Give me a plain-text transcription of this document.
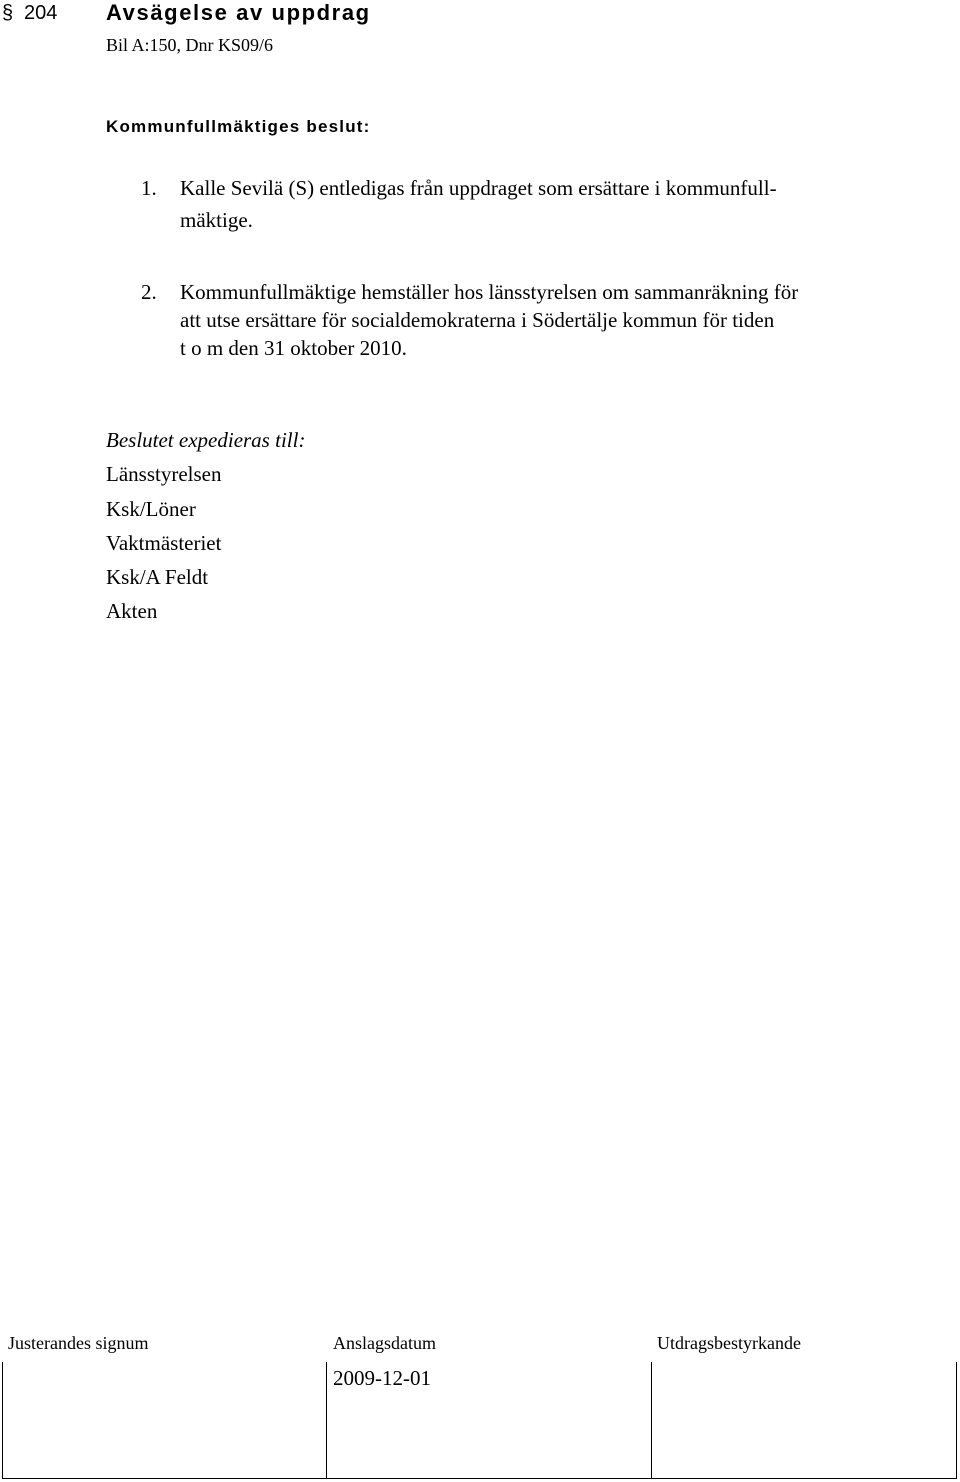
§ 204 Avsägelse av uppdrag
Bil A:150, Dnr KS09/6
Kommunfullmäktiges beslut:
1. Kalle Sevilä (S) entledigas från uppdraget som ersättare i kommunfull-
mäktige.
2. Kommunfullmäktige hemställer hos länsstyrelsen om sammanräkning för
att utse ersättare för socialdemokraterna i Södertälje kommun för tiden
t o m den 31 oktober 2010.
Beslutet expedieras till:
Länsstyrelsen
Ksk/Löner
Vaktmästeriet
Ksk/A Feldt
Akten
Justerandes signum	Anslagsdatum	Utdragsbestyrkande
2009-12-01
